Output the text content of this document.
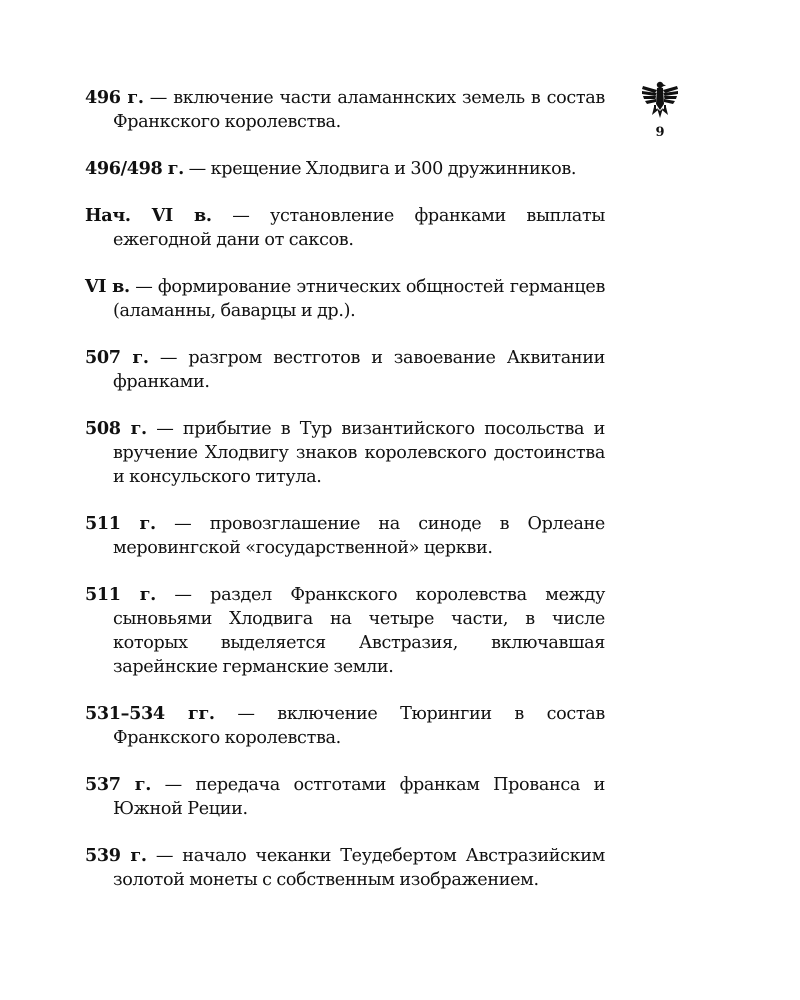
9

496 г. — включение части аламаннских земель в состав Франкского королевства.

496/498 г. — крещение Хлодвига и 300 дружинников.

Нач. VI в. — установление франками выплаты ежегодной дани от саксов.

VI в. — формирование этнических общностей германцев (аламанны, баварцы и др.).

507 г. — разгром вестготов и завоевание Аквитании франками.

508 г. — прибытие в Тур византийского посольства и вручение Хлодвигу знаков королевского достоинства и консульского титула.

511 г. — провозглашение на синоде в Орлеане меровингской «государственной» церкви.

511 г. — раздел Франкского королевства между сыновьями Хлодвига на четыре части, в числе которых выделяется Австразия, включавшая зарейнские германские земли.

531–534 гг. — включение Тюрингии в состав Франкского королевства.

537 г. — передача остготами франкам Прованса и Южной Реции.

539 г. — начало чеканки Теудебертом Австразийским золотой монеты с собственным изображением.
